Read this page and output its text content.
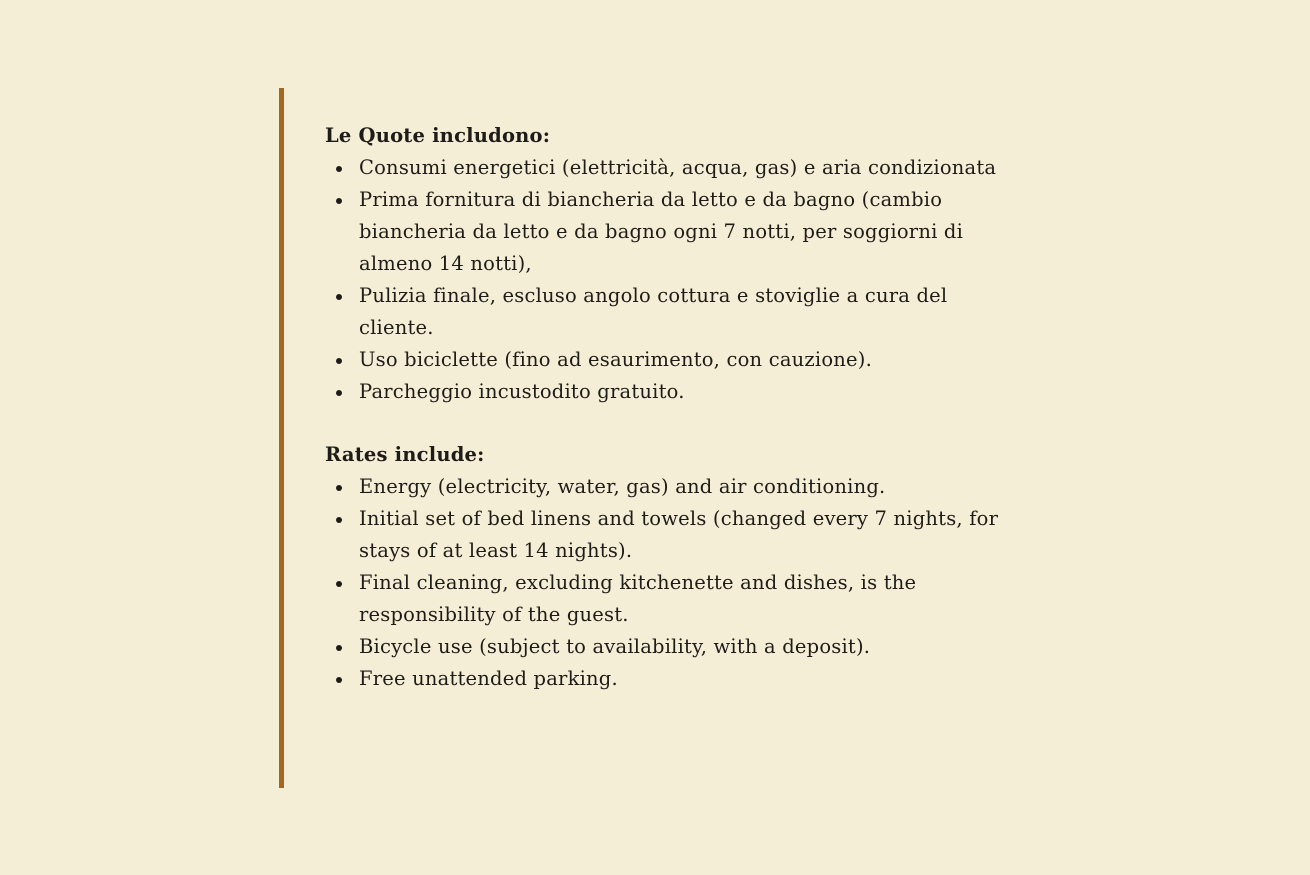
Le Quote includono:
Consumi energetici (elettricità, acqua, gas) e aria condizionata
Prima fornitura di biancheria da letto e da bagno (cambio biancheria da letto e da bagno ogni 7 notti, per soggiorni di almeno 14 notti),
Pulizia finale, escluso angolo cottura e stoviglie a cura del cliente.
Uso biciclette (fino ad esaurimento, con cauzione).
Parcheggio incustodito gratuito.
Rates include:
Energy (electricity, water, gas) and air conditioning.
Initial set of bed linens and towels (changed every 7 nights, for stays of at least 14 nights).
Final cleaning, excluding kitchenette and dishes, is the responsibility of the guest.
Bicycle use (subject to availability, with a deposit).
Free unattended parking.
